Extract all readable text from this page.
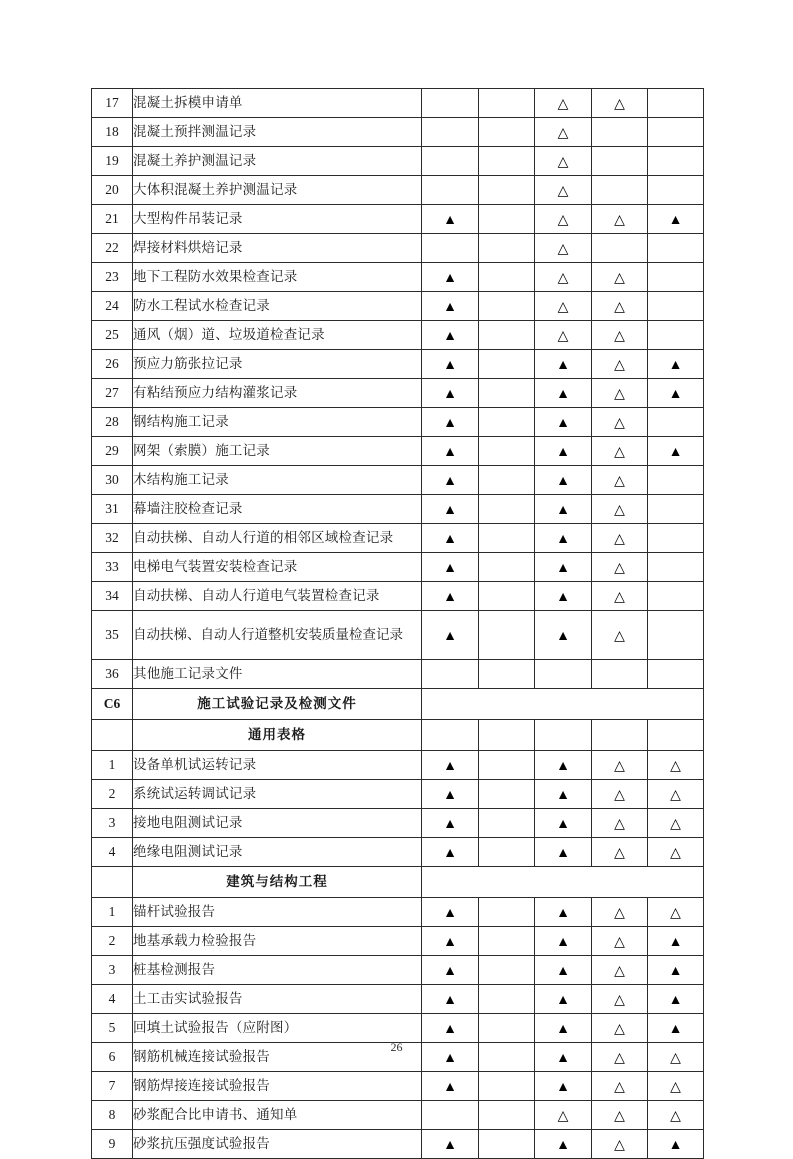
17	混凝土拆模申请单			△	△	
18	混凝土预拌测温记录			△		
19	混凝土养护测温记录			△		
20	大体积混凝土养护测温记录			△		
21	大型构件吊装记录	▲		△	△	▲
22	焊接材料烘焙记录			△		
23	地下工程防水效果检查记录	▲		△	△	
24	防水工程试水检查记录	▲		△	△	
25	通风（烟）道、垃圾道检查记录	▲		△	△	
26	预应力筋张拉记录	▲		▲	△	▲
27	有粘结预应力结构灌浆记录	▲		▲	△	▲
28	钢结构施工记录	▲		▲	△	
29	网架（索膜）施工记录	▲		▲	△	▲
30	木结构施工记录	▲		▲	△	
31	幕墙注胶检查记录	▲		▲	△	
32	自动扶梯、自动人行道的相邻区域检查记录	▲		▲	△	
33	电梯电气装置安装检查记录	▲		▲	△	
34	自动扶梯、自动人行道电气装置检查记录	▲		▲	△	
35	自动扶梯、自动人行道整机安装质量检查记录	▲		▲	△	
36	其他施工记录文件					
C6	施工试验记录及检测文件					
	通用表格					
1	设备单机试运转记录	▲		▲	△	△
2	系统试运转调试记录	▲		▲	△	△
3	接地电阻测试记录	▲		▲	△	△
4	绝缘电阻测试记录	▲		▲	△	△
	建筑与结构工程					
1	锚杆试验报告	▲		▲	△	△
2	地基承载力检验报告	▲		▲	△	▲
3	桩基检测报告	▲		▲	△	▲
4	土工击实试验报告	▲		▲	△	▲
5	回填土试验报告（应附图）	▲		▲	△	▲
6	钢筋机械连接试验报告	▲		▲	△	△
7	钢筋焊接连接试验报告	▲		▲	△	△
8	砂浆配合比申请书、通知单			△	△	△
9	砂浆抗压强度试验报告	▲		▲	△	▲
26
